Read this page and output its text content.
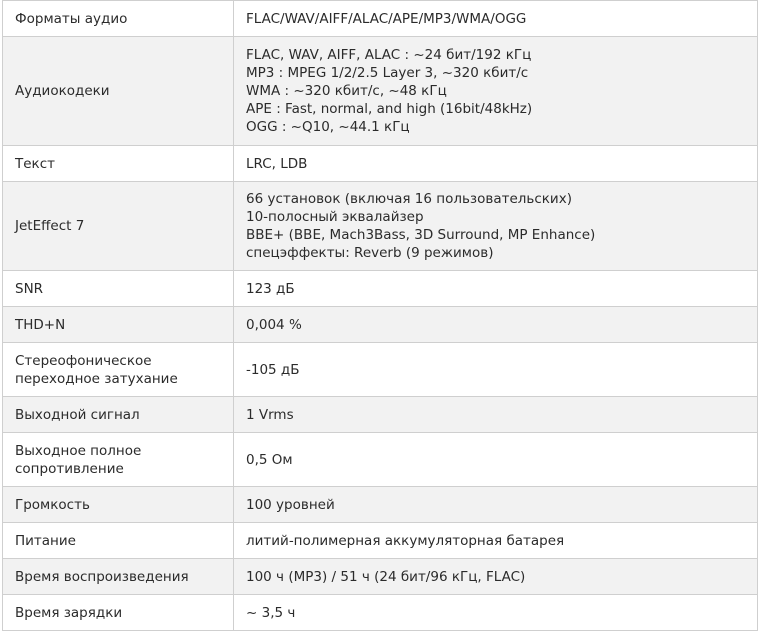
Форматы аудио	FLAC/WAV/AIFF/ALAC/APE/MP3/WMA/OGG

Аудиокодеки	FLAC, WAV, AIFF, ALAC : ~24 бит/192 кГц
MP3 : MPEG 1/2/2.5 Layer 3, ~320 кбит/с
WMA : ~320 кбит/с, ~48 кГц
APE : Fast, normal, and high (16bit/48kHz)
OGG : ~Q10, ~44.1 кГц

Текст	LRC, LDB

JetEffect 7	66 установок (включая 16 пользовательских)
10-полосный эквалайзер
BBE+ (BBE, Mach3Bass, 3D Surround, MP Enhance)
спецэффекты: Reverb (9 режимов)

SNR	123 дБ

THD+N	0,004 %

Стереофоническое
переходное затухание	-105 дБ

Выходной сигнал	1 Vrms

Выходное полное
сопротивление	0,5 Ом

Громкость	100 уровней

Питание	литий-полимерная аккумуляторная батарея

Время воспроизведения	100 ч (MP3) / 51 ч (24 бит/96 кГц, FLAC)

Время зарядки	~ 3,5 ч
